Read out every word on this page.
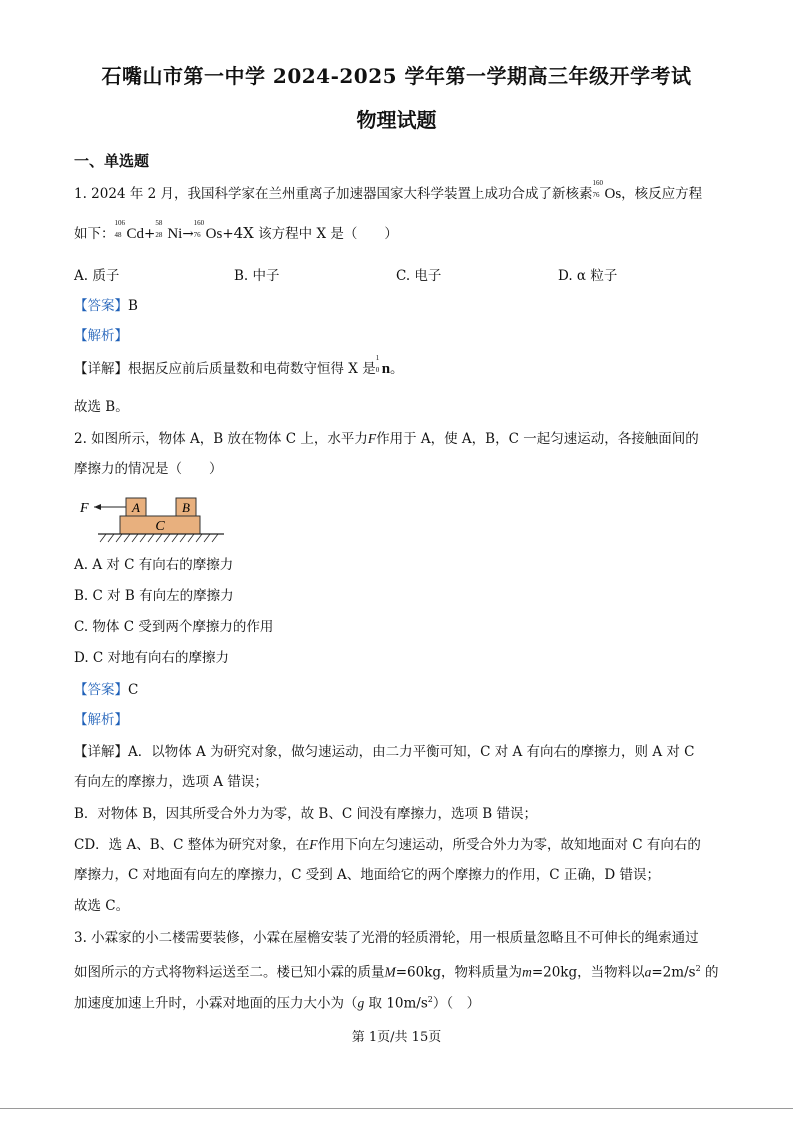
石嘴山市第一中学 2024-2025 学年第一学期高三年级开学考试
物理试题
一、单选题
1. 2024 年 2 月，我国科学家在兰州重离子加速器国家大科学装置上成功合成了新核素
160
76 Os，核反应方程
如下：
106
48 Cd+
58
28 Ni→
160
76 Os+4X 该方程中 X 是（　　）
A. 质子	B. 中子	C. 电子	D. α 粒子
【答案】B
【解析】
【详解】根据反应前后质量数和电荷数守恒得 X 是
1
0 n。
故选 B。
2. 如图所示，物体 A，B 放在物体 C 上，水平力F作用于 A，使 A，B，C 一起匀速运动，各接触面间的
摩擦力的情况是（　　）
F	A	B
C
A. A 对 C 有向右的摩擦力
B. C 对 B 有向左的摩擦力
C. 物体 C 受到两个摩擦力的作用
D. C 对地有向右的摩擦力
【答案】C
【解析】
【详解】A．以物体 A 为研究对象，做匀速运动，由二力平衡可知，C 对 A 有向右的摩擦力，则 A 对 C
有向左的摩擦力，选项 A 错误；
B．对物体 B，因其所受合外力为零，故 B、C 间没有摩擦力，选项 B 错误；
CD．选 A、B、C 整体为研究对象，在F作用下向左匀速运动，所受合外力为零，故知地面对 C 有向右的
摩擦力，C 对地面有向左的摩擦力，C 受到 A、地面给它的两个摩擦力的作用，C 正确，D 错误；
故选 C。
3. 小霖家的小二楼需要装修，小霖在屋檐安装了光滑的轻质滑轮，用一根质量忽略且不可伸长的绳索通过
如图所示的方式将物料运送至二。楼已知小霖的质量M=60kg，物料质量为m=20kg，当物料以$a=2m/s^2$ 的
加速度加速上升时，小霖对地面的压力大小为（g 取 $10m/s^2$）（　）
第 1页/共 15页
